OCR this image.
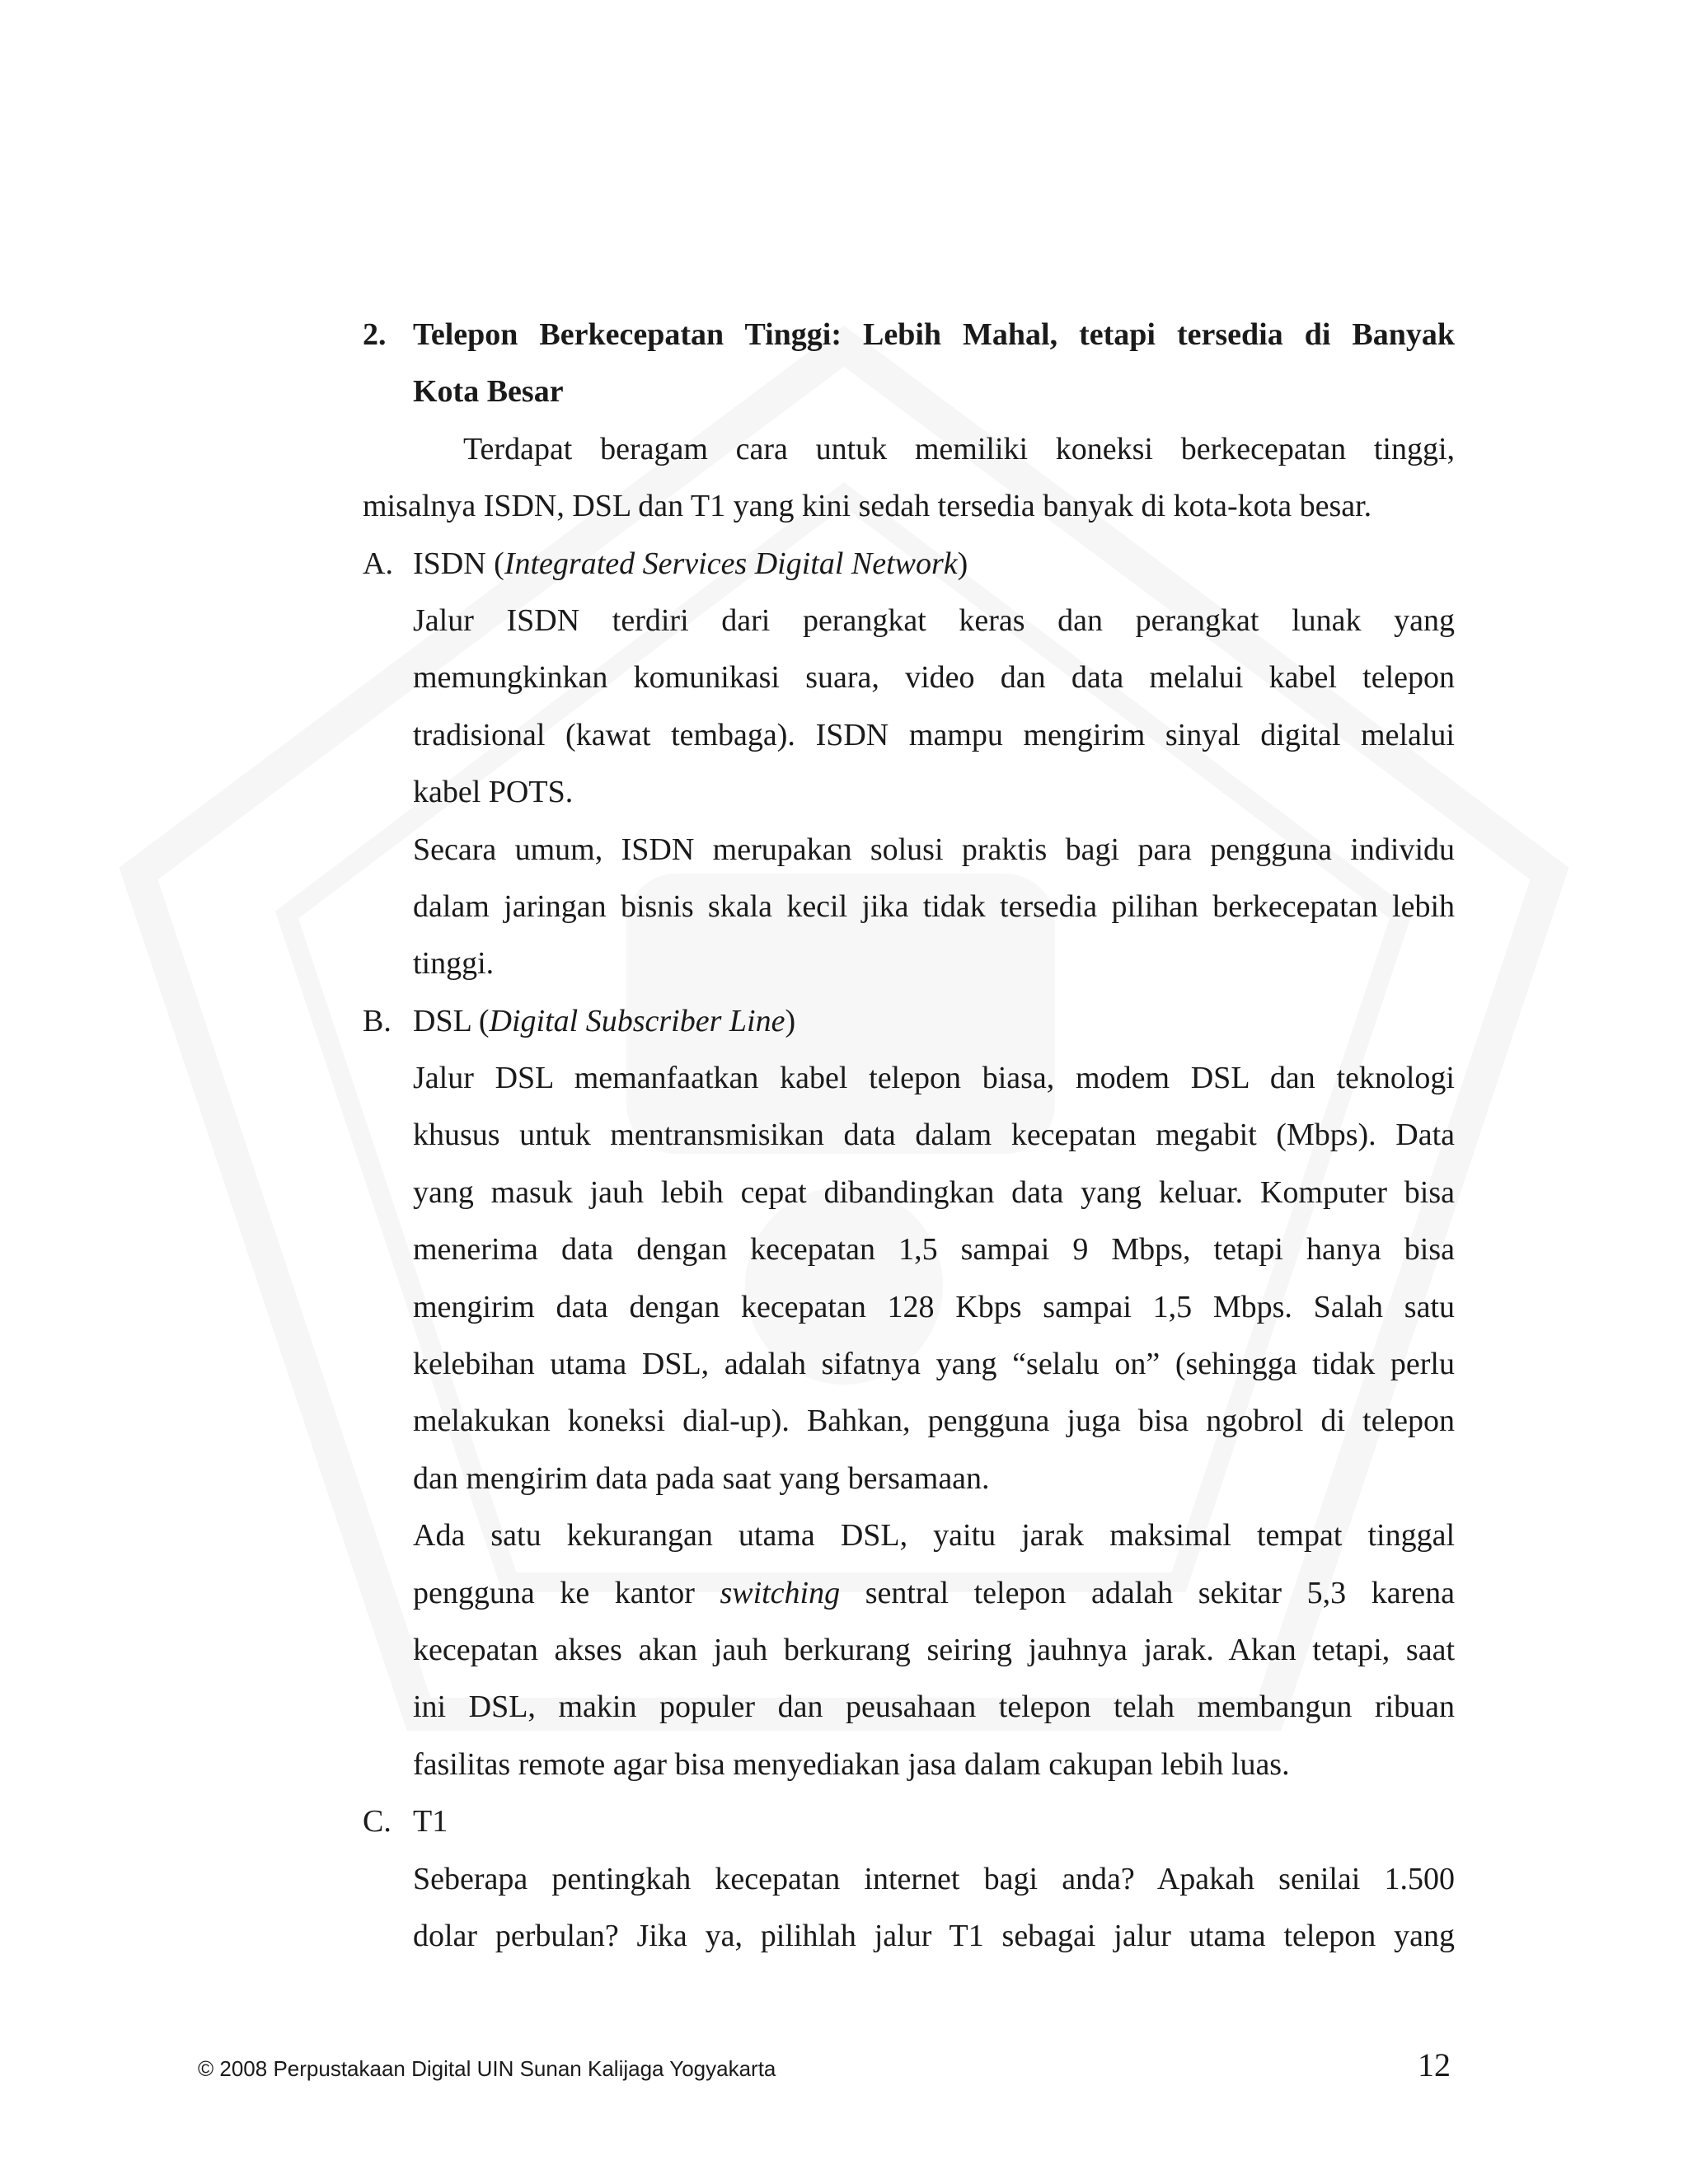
2. Telepon Berkecepatan Tinggi: Lebih Mahal, tetapi tersedia di Banyak
Kota Besar
Terdapat beragam cara untuk memiliki koneksi berkecepatan tinggi,
misalnya ISDN, DSL dan T1 yang kini sedah tersedia banyak di kota-kota besar.
A. ISDN (Integrated Services Digital Network)
Jalur ISDN terdiri dari perangkat keras dan perangkat lunak yang
memungkinkan komunikasi suara, video dan data melalui kabel telepon
tradisional (kawat tembaga). ISDN mampu mengirim sinyal digital melalui
kabel POTS.
Secara umum, ISDN merupakan solusi praktis bagi para pengguna individu
dalam jaringan bisnis skala kecil jika tidak tersedia pilihan berkecepatan lebih
tinggi.
B. DSL (Digital Subscriber Line)
Jalur DSL memanfaatkan kabel telepon biasa, modem DSL dan teknologi
khusus untuk mentransmisikan data dalam kecepatan megabit (Mbps). Data
yang masuk jauh lebih cepat dibandingkan data yang keluar. Komputer bisa
menerima data dengan kecepatan 1,5 sampai 9 Mbps, tetapi hanya bisa
mengirim data dengan kecepatan 128 Kbps sampai 1,5 Mbps. Salah satu
kelebihan utama DSL, adalah sifatnya yang “selalu on” (sehingga tidak perlu
melakukan koneksi dial-up). Bahkan, pengguna juga bisa ngobrol di telepon
dan mengirim data pada saat yang bersamaan.
Ada satu kekurangan utama DSL, yaitu jarak maksimal tempat tinggal
pengguna ke kantor switching sentral telepon adalah sekitar 5,3 karena
kecepatan akses akan jauh berkurang seiring jauhnya jarak. Akan tetapi, saat
ini DSL, makin populer dan peusahaan telepon telah membangun ribuan
fasilitas remote agar bisa menyediakan jasa dalam cakupan lebih luas.
C. T1
Seberapa pentingkah kecepatan internet bagi anda? Apakah senilai 1.500
dolar perbulan? Jika ya, pilihlah jalur T1 sebagai jalur utama telepon yang
© 2008 Perpustakaan Digital UIN Sunan Kalijaga Yogyakarta	12
